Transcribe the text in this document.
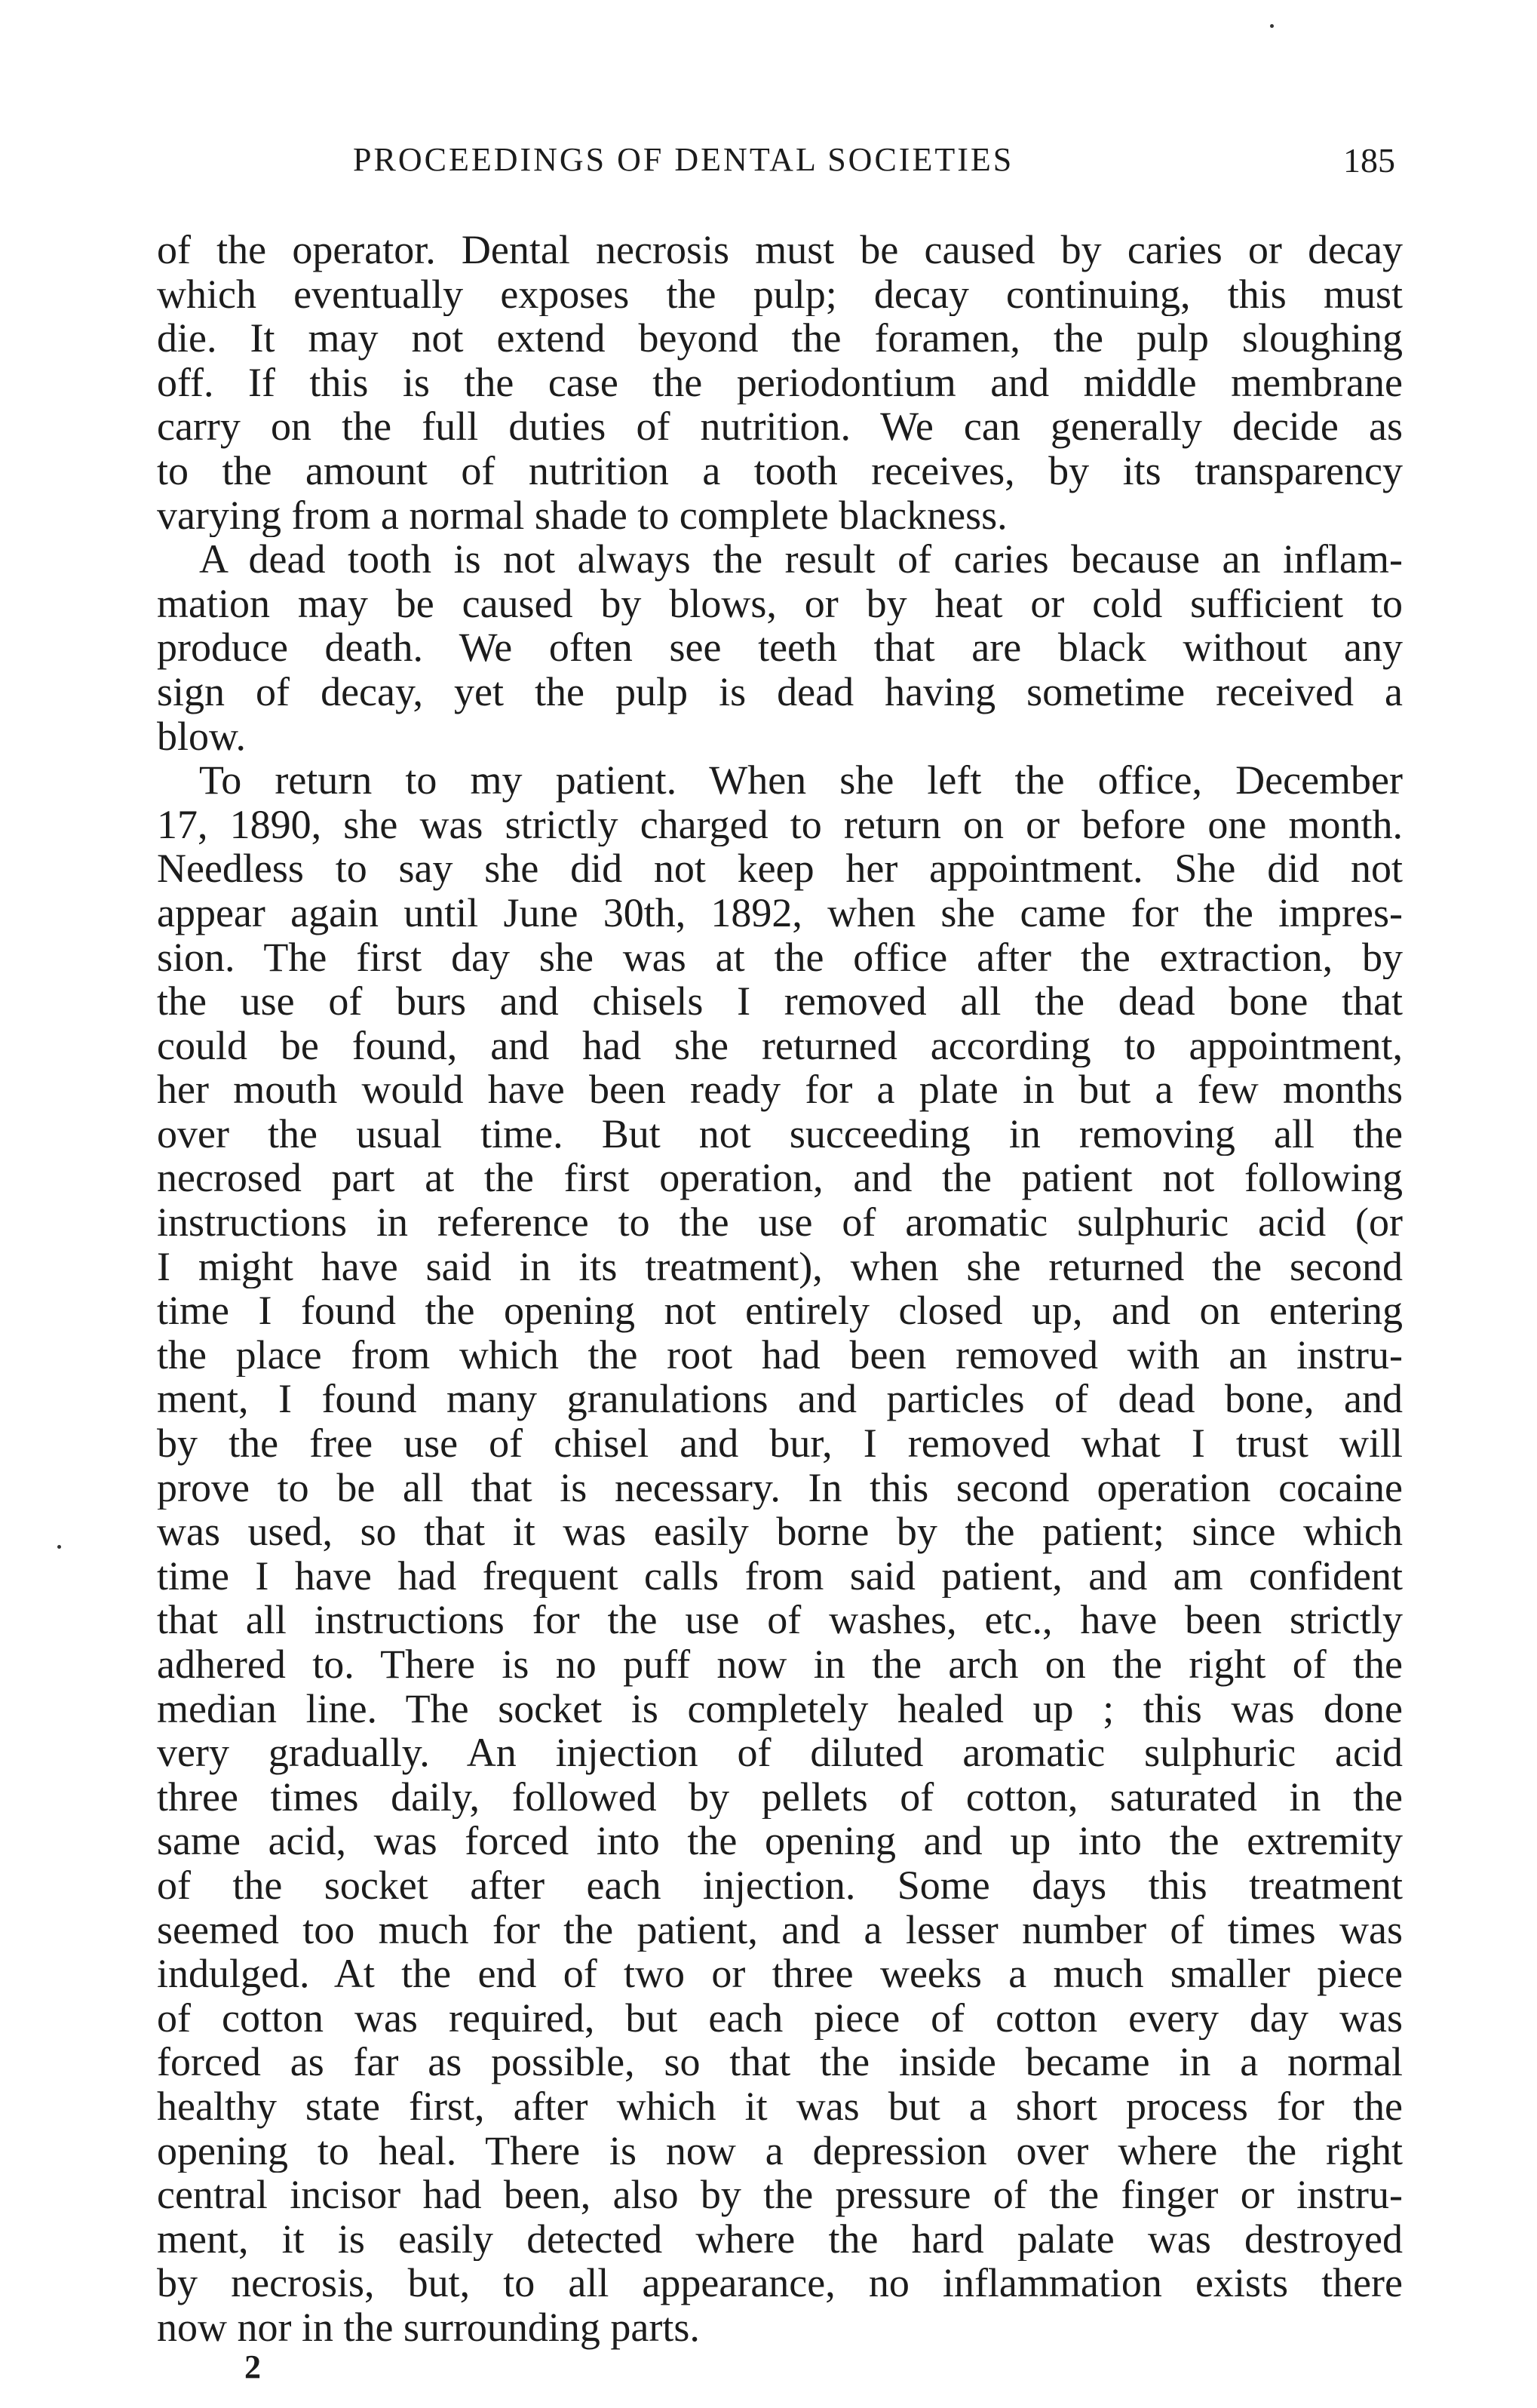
PROCEEDINGS OF DENTAL SOCIETIES	185
of the operator. Dental necrosis must be caused by caries or decay
which eventually exposes the pulp; decay continuing, this must
die. It may not extend beyond the foramen, the pulp sloughing
off. If this is the case the periodontium and middle membrane
carry on the full duties of nutrition. We can generally decide as
to the amount of nutrition a tooth receives, by its transparency
varying from a normal shade to complete blackness.
A dead tooth is not always the result of caries because an inflam-
mation may be caused by blows, or by heat or cold sufficient to
produce death. We often see teeth that are black without any
sign of decay, yet the pulp is dead having sometime received a
blow.
To return to my patient. When she left the office, December
17, 1890, she was strictly charged to return on or before one month.
Needless to say she did not keep her appointment. She did not
appear again until June 30th, 1892, when she came for the impres-
sion. The first day she was at the office after the extraction, by
the use of burs and chisels I removed all the dead bone that
could be found, and had she returned according to appointment,
her mouth would have been ready for a plate in but a few months
over the usual time. But not succeeding in removing all the
necrosed part at the first operation, and the patient not following
instructions in reference to the use of aromatic sulphuric acid (or
I might have said in its treatment), when she returned the second
time I found the opening not entirely closed up, and on entering
the place from which the root had been removed with an instru-
ment, I found many granulations and particles of dead bone, and
by the free use of chisel and bur, I removed what I trust will
prove to be all that is necessary. In this second operation cocaine
was used, so that it was easily borne by the patient; since which
time I have had frequent calls from said patient, and am confident
that all instructions for the use of washes, etc., have been strictly
adhered to. There is no puff now in the arch on the right of the
median line. The socket is completely healed up ; this was done
very gradually. An injection of diluted aromatic sulphuric acid
three times daily, followed by pellets of cotton, saturated in the
same acid, was forced into the opening and up into the extremity
of the socket after each injection. Some days this treatment
seemed too much for the patient, and a lesser number of times was
indulged. At the end of two or three weeks a much smaller piece
of cotton was required, but each piece of cotton every day was
forced as far as possible, so that the inside became in a normal
healthy state first, after which it was but a short process for the
opening to heal. There is now a depression over where the right
central incisor had been, also by the pressure of the finger or instru-
ment, it is easily detected where the hard palate was destroyed
by necrosis, but, to all appearance, no inflammation exists there
now nor in the surrounding parts.
2
